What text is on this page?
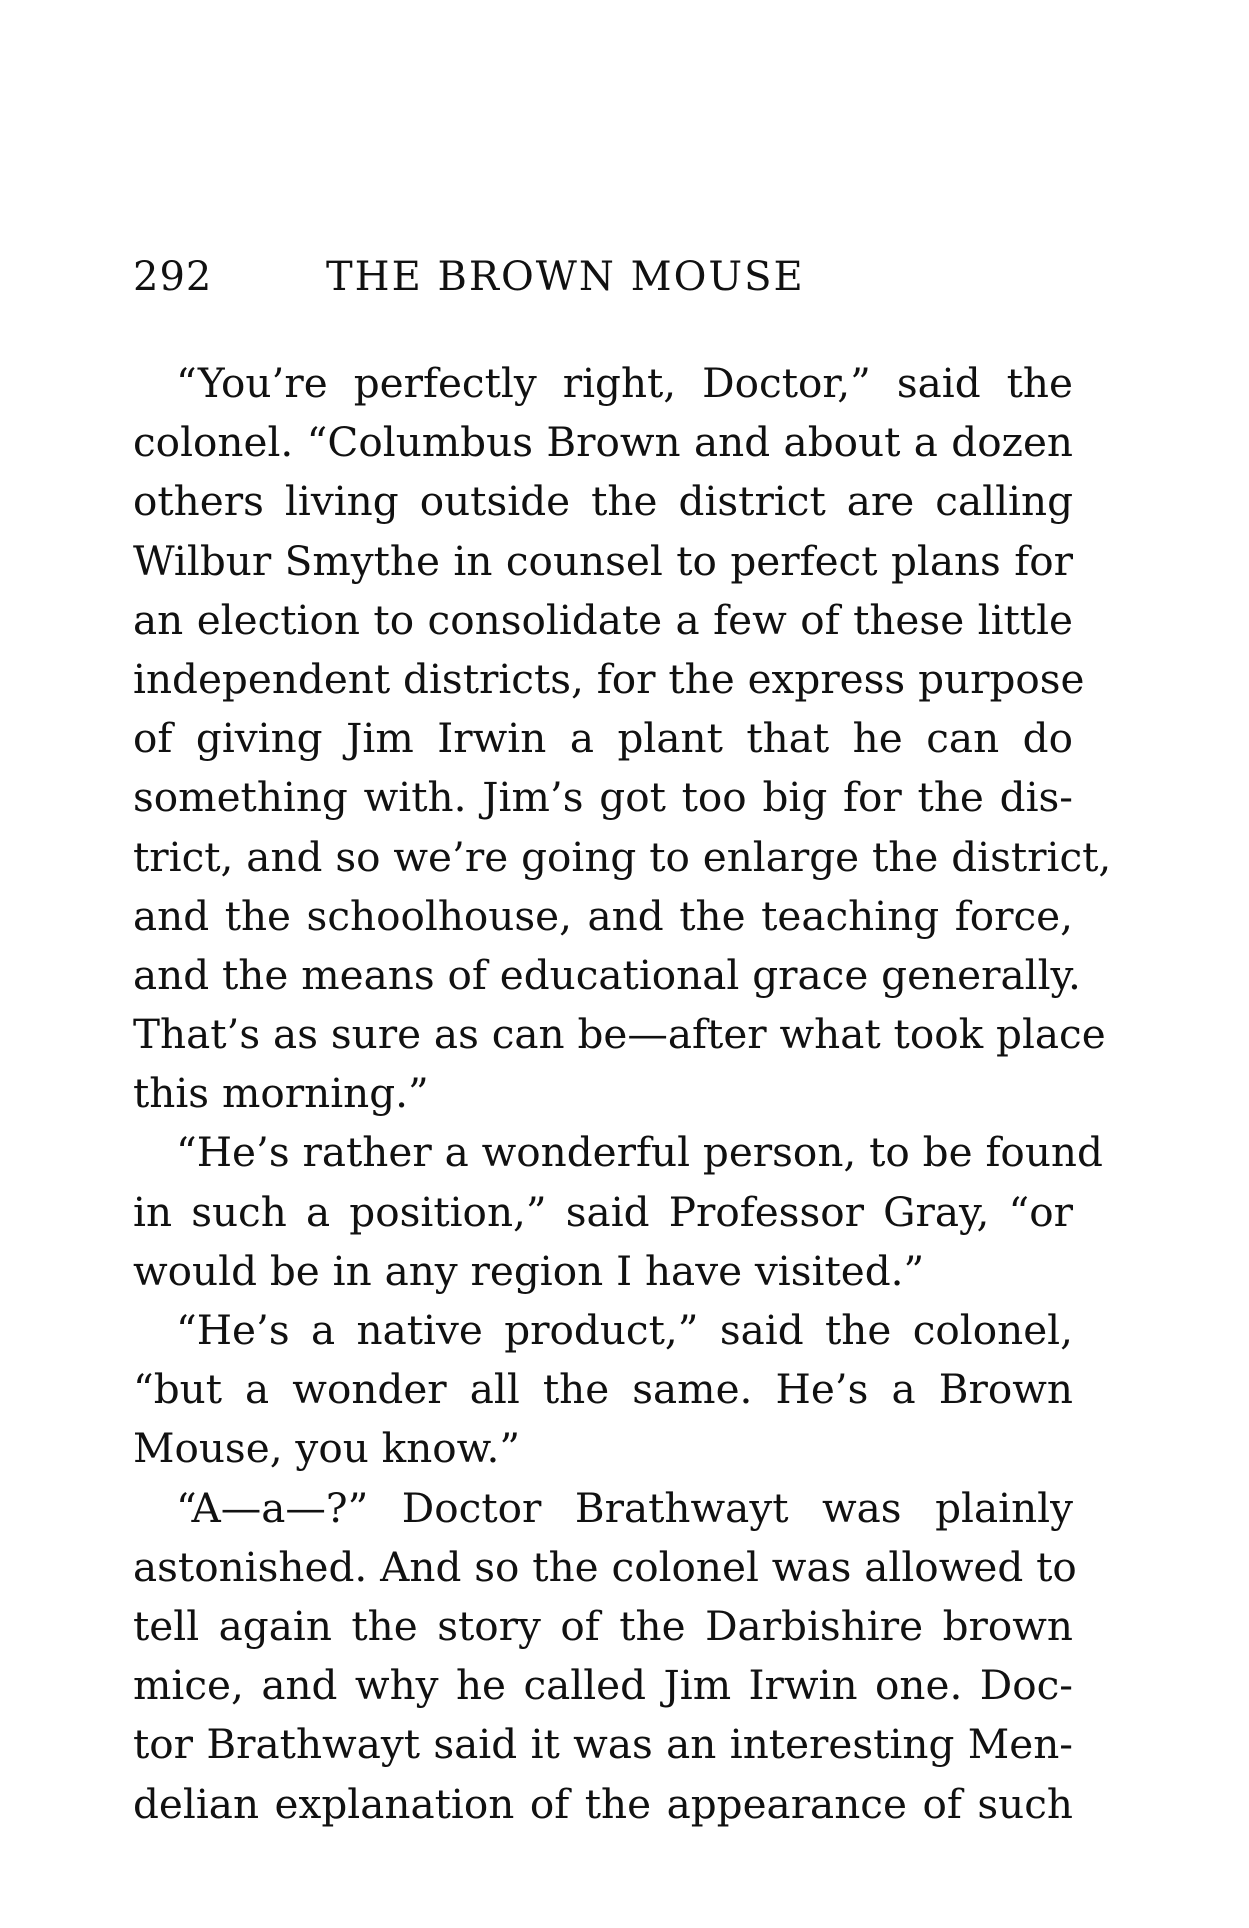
292	THE BROWN MOUSE
“You’re perfectly right, Doctor,” said the
colonel. “Columbus Brown and about a dozen
others living outside the district are calling
Wilbur Smythe in counsel to perfect plans for
an election to consolidate a few of these little
independent districts, for the express purpose
of giving Jim Irwin a plant that he can do
something with. Jim’s got too big for the dis-
trict, and so we’re going to enlarge the district,
and the schoolhouse, and the teaching force,
and the means of educational grace generally.
That’s as sure as can be—after what took place
this morning.”
“He’s rather a wonderful person, to be found
in such a position,” said Professor Gray, “or
would be in any region I have visited.”
“He’s a native product,” said the colonel,
“but a wonder all the same. He’s a Brown
Mouse, you know.”
“A—a—?” Doctor Brathwayt was plainly
astonished. And so the colonel was allowed to
tell again the story of the Darbishire brown
mice, and why he called Jim Irwin one. Doc-
tor Brathwayt said it was an interesting Men-
delian explanation of the appearance of such
